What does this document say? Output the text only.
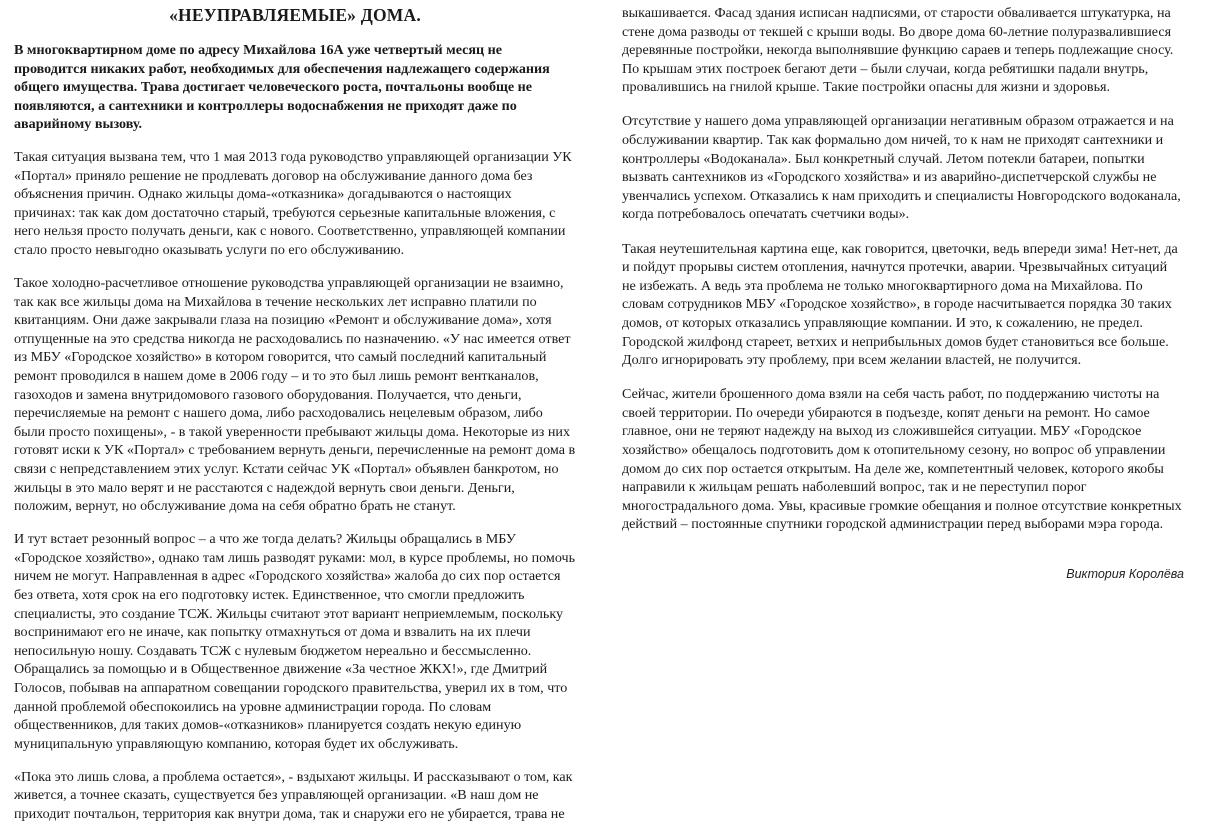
«НЕУПРАВЛЯЕМЫЕ» ДОМА.

В многоквартирном доме по адресу Михайлова 16А уже четвертый месяц не проводится никаких работ, необходимых для обеспечения надлежащего содержания общего имущества. Трава достигает человеческого роста, почтальоны вообще не появляются, а сантехники и контроллеры водоснабжения не приходят даже по аварийному вызову.

Такая ситуация вызвана тем, что 1 мая 2013 года руководство управляющей организации УК «Портал» приняло решение не продлевать договор на обслуживание данного дома без объяснения причин. Однако жильцы дома-«отказника» догадываются о настоящих причинах: так как дом достаточно старый, требуются серьезные капитальные вложения, с него нельзя просто получать деньги, как с нового. Соответственно, управляющей компании стало просто невыгодно оказывать услуги по его обслуживанию.

Такое холодно-расчетливое отношение руководства управляющей организации не взаимно, так как все жильцы дома на Михайлова в течение нескольких лет исправно платили по квитанциям. Они даже закрывали глаза на позицию «Ремонт и обслуживание дома», хотя отпущенные на это средства никогда не расходовались по назначению. «У нас имеется ответ из МБУ «Городское хозяйство» в котором говорится, что самый последний капитальный ремонт проводился в нашем доме в 2006 году – и то это был лишь ремонт вентканалов, газоходов и замена внутридомового газового оборудования. Получается, что деньги, перечисляемые на ремонт с нашего дома, либо расходовались нецелевым образом, либо были просто похищены», - в такой уверенности пребывают жильцы дома. Некоторые из них готовят иски к УК «Портал» с требованием вернуть деньги, перечисленные на ремонт дома в связи с непредставлением этих услуг. Кстати сейчас УК «Портал» объявлен банкротом, но жильцы в это мало верят и не расстаются с надеждой вернуть свои деньги. Деньги, положим, вернут, но обслуживание дома на себя обратно брать не станут.

И тут встает резонный вопрос – а что же тогда делать? Жильцы обращались в МБУ «Городское хозяйство», однако там лишь разводят руками: мол, в курсе проблемы, но помочь ничем не могут. Направленная в адрес «Городского хозяйства» жалоба до сих пор остается без ответа, хотя срок на его подготовку истек. Единственное, что смогли предложить специалисты, это создание ТСЖ. Жильцы считают этот вариант неприемлемым, поскольку воспринимают его не иначе, как попытку отмахнуться от дома и взвалить на их плечи непосильную ношу. Создавать ТСЖ с нулевым бюджетом нереально и бессмысленно. Обращались за помощью и в Общественное движение «За честное ЖКХ!», где Дмитрий Голосов, побывав на аппаратном совещании городского правительства, уверил их в том, что данной проблемой обеспокоились на уровне администрации города. По словам общественников, для таких домов-«отказников» планируется создать некую единую муниципальную управляющую компанию, которая будет их обслуживать.

«Пока это лишь слова, а проблема остается», - вздыхают жильцы. И рассказывают о том, как живется, а точнее сказать, существуется без управляющей организации. «В наш дом не приходит почтальон, территория как внутри дома, так и снаружи его не убирается, трава не

выкашивается. Фасад здания исписан надписями, от старости обваливается штукатурка, на стене дома разводы от текшей с крыши воды. Во дворе дома 60-летние полуразвалившиеся деревянные постройки, некогда выполнявшие функцию сараев и теперь подлежащие сносу. По крышам этих построек бегают дети – были случаи, когда ребятишки падали внутрь, провалившись на гнилой крыше. Такие постройки опасны для жизни и здоровья.

Отсутствие у нашего дома управляющей организации негативным образом отражается и на обслуживании квартир. Так как формально дом ничей, то к нам не приходят сантехники и контроллеры «Водоканала». Был конкретный случай. Летом потекли батареи, попытки вызвать сантехников из «Городского хозяйства» и из аварийно-диспетчерской службы не увенчались успехом. Отказались к нам приходить и специалисты Новгородского водоканала, когда потребовалось опечатать счетчики воды».

Такая неутешительная картина еще, как говорится, цветочки, ведь впереди зима! Нет-нет, да и пойдут прорывы систем отопления, начнутся протечки, аварии. Чрезвычайных ситуаций не избежать. А ведь эта проблема не только многоквартирного дома на Михайлова. По словам сотрудников МБУ «Городское хозяйство», в городе насчитывается порядка 30 таких домов, от которых отказались управляющие компании. И это, к сожалению, не предел. Городской жилфонд стареет, ветхих и неприбыльных домов будет становиться все больше. Долго игнорировать эту проблему, при всем желании властей, не получится.

Сейчас, жители брошенного дома взяли на себя часть работ, по поддержанию чистоты на своей территории. По очереди убираются в подъезде, копят деньги на ремонт. Но самое главное, они не теряют надежду на выход из сложившейся ситуации. МБУ «Городское хозяйство» обещалось подготовить дом к отопительному сезону, но вопрос об управлении домом до сих пор остается открытым. На деле же, компетентный человек, которого якобы направили к жильцам решать наболевший вопрос, так и не переступил порог многострадального дома. Увы, красивые громкие обещания и полное отсутствие конкретных действий – постоянные спутники городской администрации перед выборами мэра города.

Виктория Королёва
